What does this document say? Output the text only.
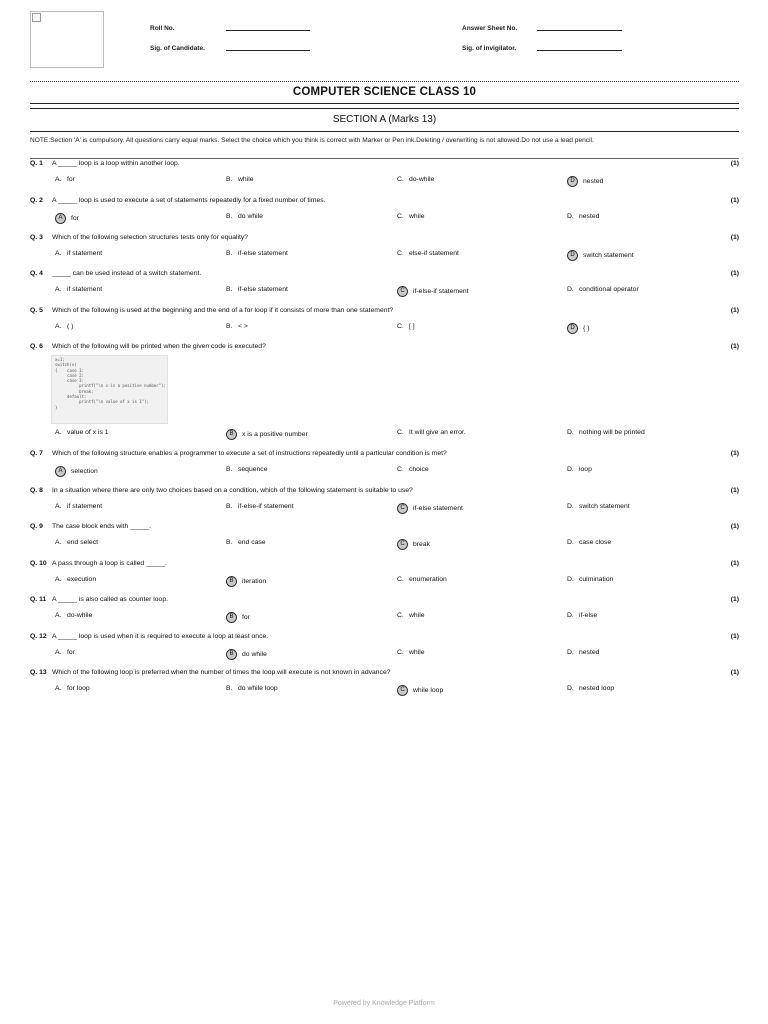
Roll No.
Sig. of Candidate.
Answer Sheet No.
Sig. of invigilator.
COMPUTER SCIENCE CLASS 10
SECTION A (Marks 13)
NOTE:Section 'A' is compulsory. All questions carry equal marks. Select the choice which you think is correct with Marker or Pen ink.Deleting / overwriting is not allowed.Do not use a lead pencil.
Q. 1 A _____ loop is a loop within another loop.	(1)
A. for	B. while	C. do-while	D	nested
Q. 2 A _____ loop is used to execute a set of statements repeatedly for a fixed number of times.	(1)
A	for	B. do while	C. while	D. nested
Q. 3 Which of the following selection structures tests only for equality?	(1)
A. if statement	B. if-else statement	C. else-if statement	D	switch statement
Q. 4 _____ can be used instead of a switch statement.	(1)
A. if statement	B. if-else statement	C	if-else-if statement	D. conditional operator
Q. 5 Which of the following is used at the beginning and the end of a for loop if it consists of more than one statement?	(1)
A. ( )	B. < >	C. [ ]	D	{ }
Q. 6 Which of the following will be printed when the given code is executed?	(1)
A. value of x is 1	B	x is a positive number	C. It will give an error.	D. nothing will be printed
Q. 7 Which of the following structure enables a programmer to execute a set of instructions repeatedly until a particular condition is met?	(1)
A	selection	B. sequence	C. choice	D. loop
Q. 8 In a situation where there are only two choices based on a condition, which of the following statement is suitable to use?	(1)
A. if statement	B. if-else-if statement	C	if-else statement	D. switch statement
Q. 9 The case block ends with _____.	(1)
A. end select	B. end case	C	break	D. case close
Q. 10 A pass through a loop is called _____.	(1)
A. execution	B	iteration	C. enumeration	D. culmination
Q. 11 A _____ is also called as counter loop.	(1)
A. do-while	B	for	C. while	D. if-else
Q. 12 A _____ loop is used when it is required to execute a loop at least once.	(1)
A. for	B	do while	C. while	D. nested
Q. 13 Which of the following loop is preferred when the number of times the loop will execute is not known in advance?	(1)
A. for loop	B. do while loop	C	while loop	D. nested loop
x=1;
switch(x)
{    case 1:
case 2:
case 3:
printf("\n x is a positive number");
break;
default:
printf("\n value of x is 1");
}
Powered by Knowledge Platform
